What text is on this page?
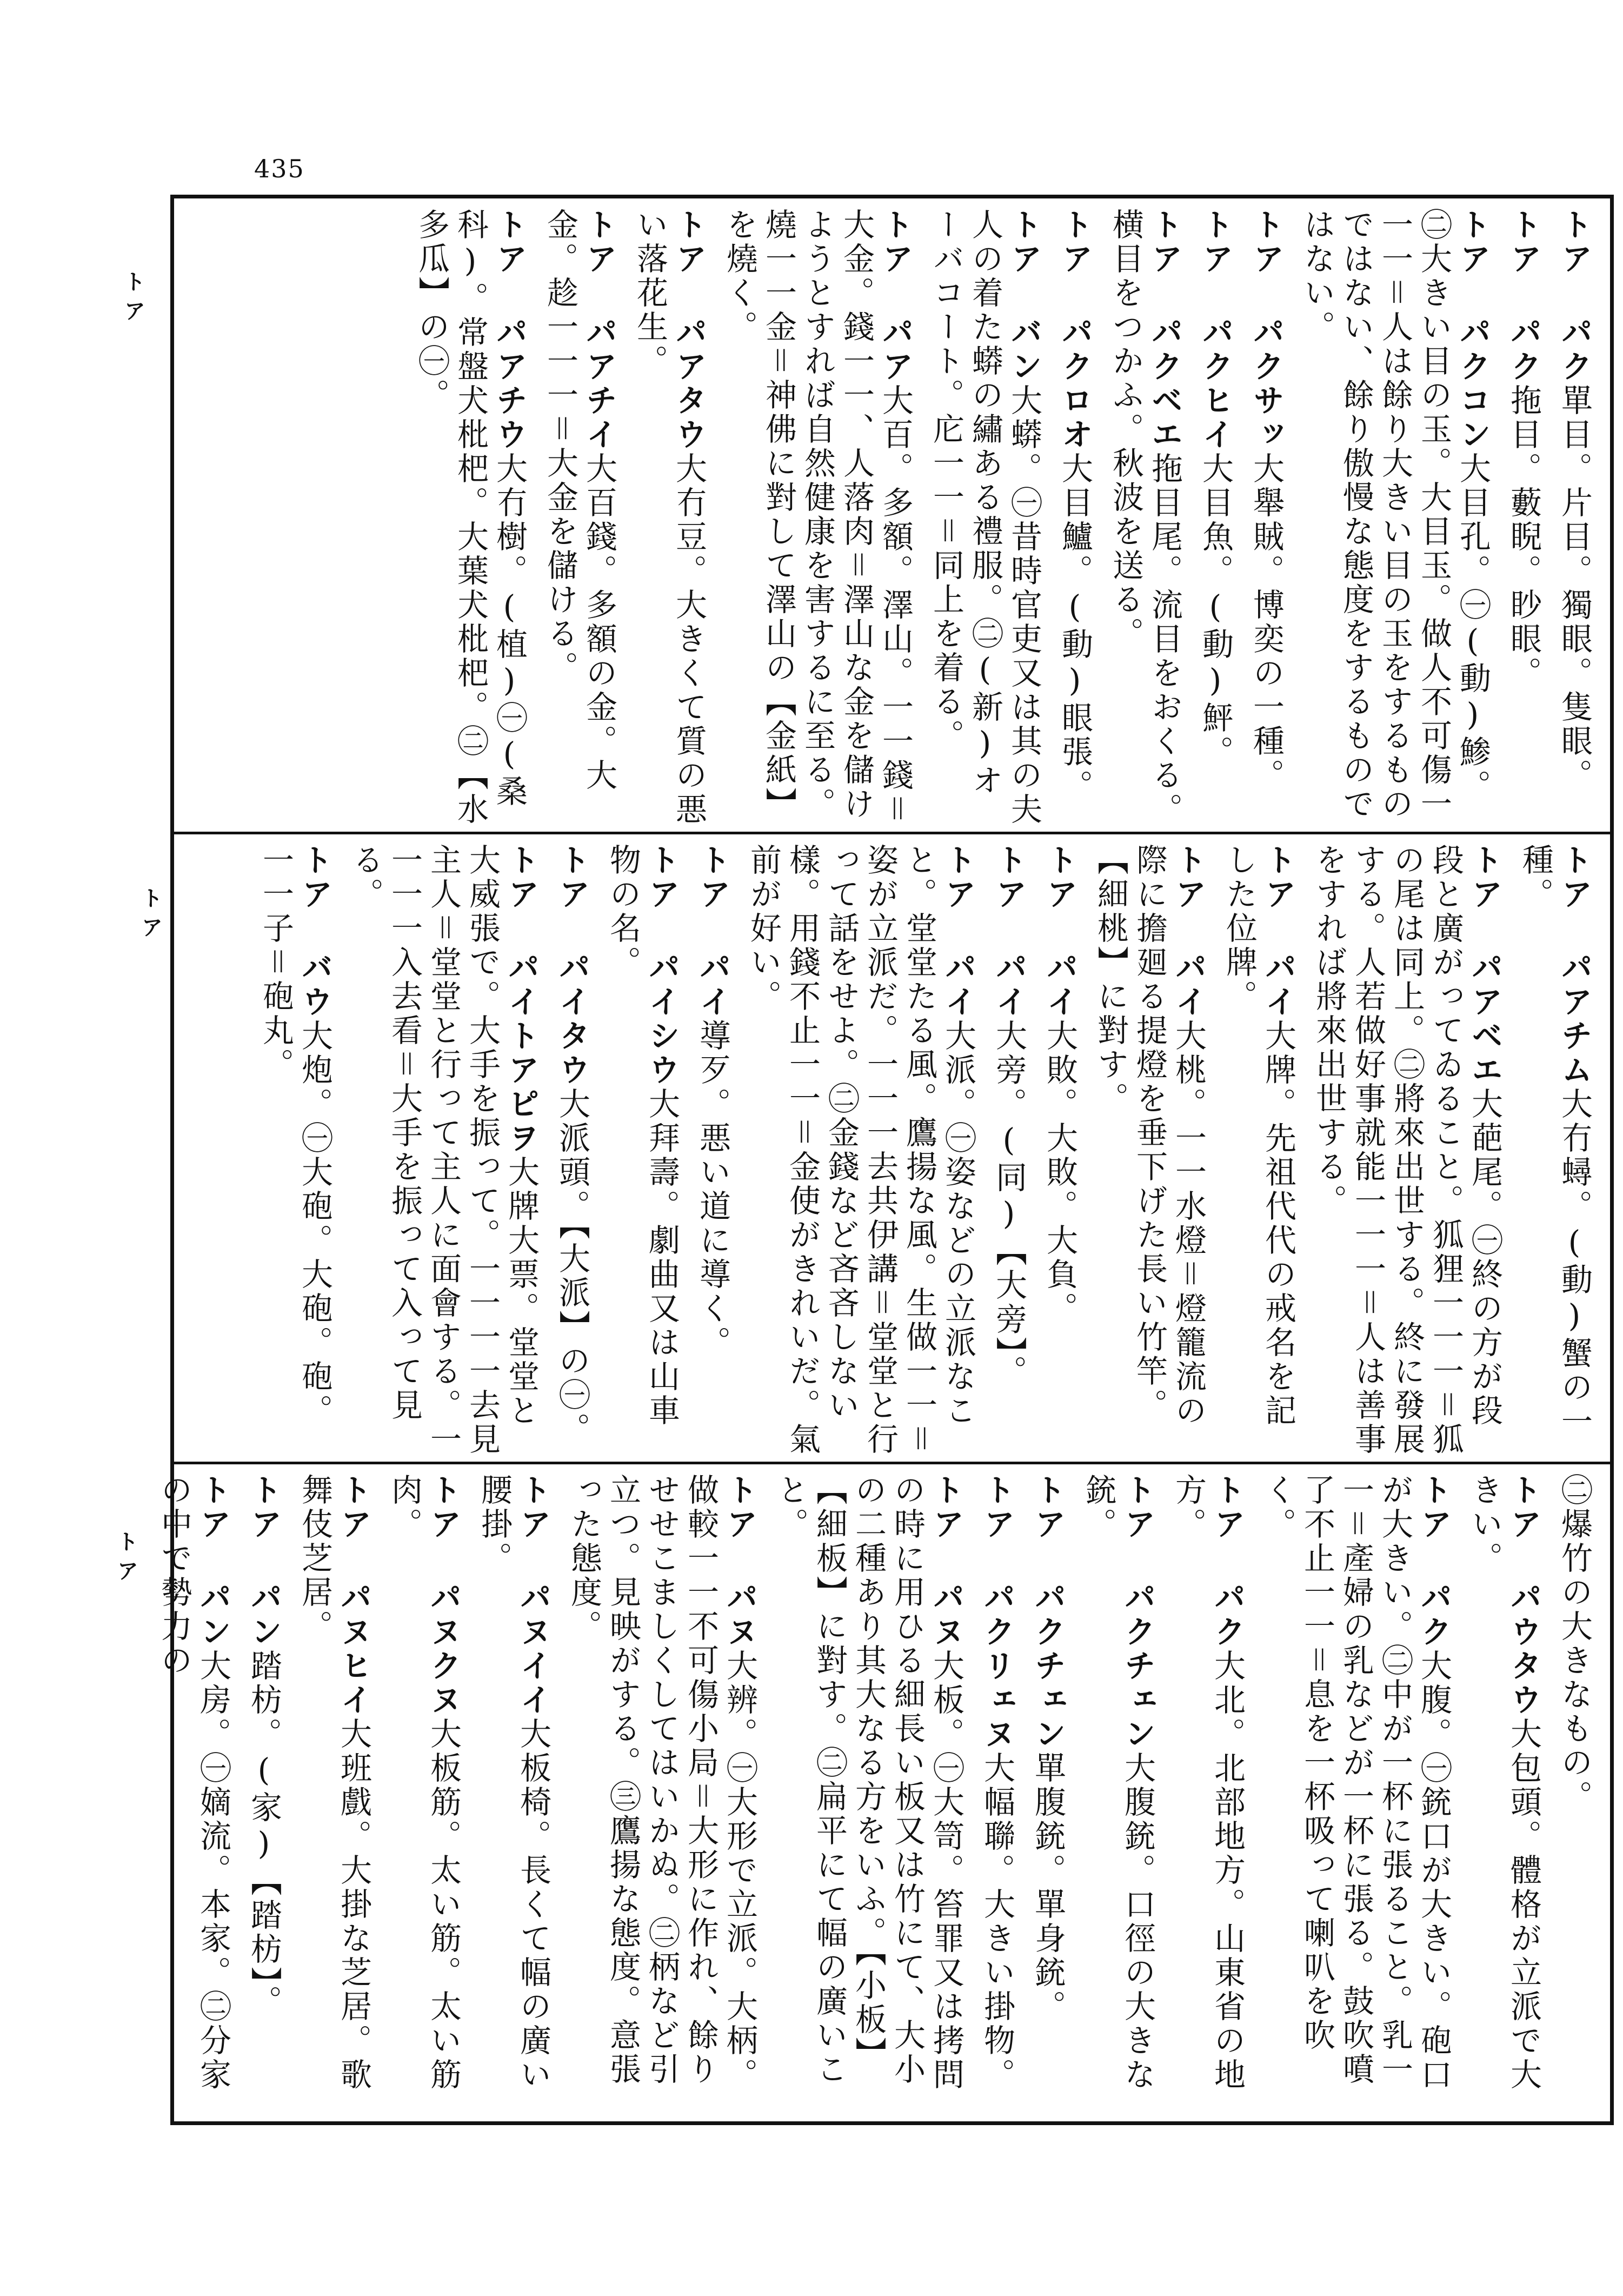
435
トア
トア
トア
トア パク單目。片目。獨眼。隻眼。
トア パク拖目。藪睨。眇眼。
トア パクコン大目孔。㊀(動)鯵。㊁大きい目の玉。大目玉。做人不可傷一一一＝人は餘り大きい目の玉をするものではない、餘り傲慢な態度をするものではない。
トア パクサッ大舉賊。博奕の一種。
トア パクヒイ大目魚。(動)鮃。
トア パクベエ拖目尾。流目をおくる。横目をつかふ。秋波を送る。
トア パクロオ大目鱸。(動)眼張。
トア バン大蟒。㊀昔時官吏又は其の夫人の着た蟒の繡ある禮服。㊁(新)オーバコート。庀一一＝同上を着る。
トア パア大百。多額。澤山。一一錢＝大金。錢一一、人落肉＝澤山な金を儲けようとすれば自然健康を害するに至る。燒一一金＝神佛に對して澤山の【金紙】を燒く。
トア パアタウ大冇豆。大きくて質の悪い落花生。
トア パアチイ大百錢。多額の金。大金。趁一一一＝大金を儲ける。
トア パアチウ大冇樹。(植)㊀(桑科)。常盤犬枇杷。大葉犬枇杷。㊁【水多瓜】の㊀。
トア パアチム大冇蟳。(動)蟹の一種。
トア パアベエ大葩尾。㊀終の方が段段と廣がってゐること。狐狸一一一＝狐の尾は同上。㊁將來出世する。終に發展する。人若做好事就能一一一＝人は善事をすれば將來出世する。
トア パイ大牌。先祖代代の戒名を記した位牌。
トア パイ大桃。一一水燈＝燈籠流の際に擔廻る提燈を垂下げた長い竹竿。【細桃】に對す。
トア パイ大敗。大敗。大負。
トア パイ大旁。(同)【大旁】。
トア パイ大派。㊀姿などの立派なこと。堂堂たる風。鷹揚な風。生做一一＝姿が立派だ。一一一去共伊講＝堂堂と行って話をせよ。㊁金錢など吝吝しない樣。用錢不止一一＝金使がきれいだ。氣前が好い。
トア パイ導歹。悪い道に導く。
トア パイシウ大拜壽。劇曲又は山車物の名。
トア パイタウ大派頭。【大派】の㊀。
トア パイトアピヲ大牌大票。堂堂と大威張で。大手を振って。一一一一去見主人＝堂堂と行って主人に面會する。一一一一入去看＝大手を振って入って見る。
トア バウ大炮。㊀大砲。大砲。砲。一一子＝砲丸。
㊁爆竹の大きなもの。
トア パウタウ大包頭。體格が立派で大きい。
トア パク大腹。㊀銃口が大きい。砲口が大きい。㊁中が一杯に張ること。乳一一＝產婦の乳などが一杯に張る。鼓吹噴了不止一一＝息を一杯吸って喇叭を吹く。
トア パク大北。北部地方。山東省の地方。
トア パクチェン大腹銃。口徑の大きな銃。
トア パクチェン單腹銃。單身銃。
トア パクリェヌ大幅聯。大きい掛物。
トア パヌ大板。㊀大笥。笞罪又は拷問の時に用ひる細長い板又は竹にて、大小の二種あり其大なる方をいふ。【小板】【細板】に對す。㊁扁平にて幅の廣いこと。
トア パヌ大辨。㊀大形で立派。大柄。做較一一不可傷小局＝大形に作れ、餘りせせこましくしてはいかぬ。㊁柄など引立つ。見映がする。㊂鷹揚な態度。意張った態度。
トア パヌイイ大板椅。長くて幅の廣い腰掛。
トア パヌクヌ大板筋。太い筋。太い筋肉。
トア パヌヒイ大班戲。大掛な芝居。歌舞伎芝居。
トア パン踏枋。(家)【踏枋】。
トア パン大房。㊀嫡流。本家。㊁分家の中で勢力の
